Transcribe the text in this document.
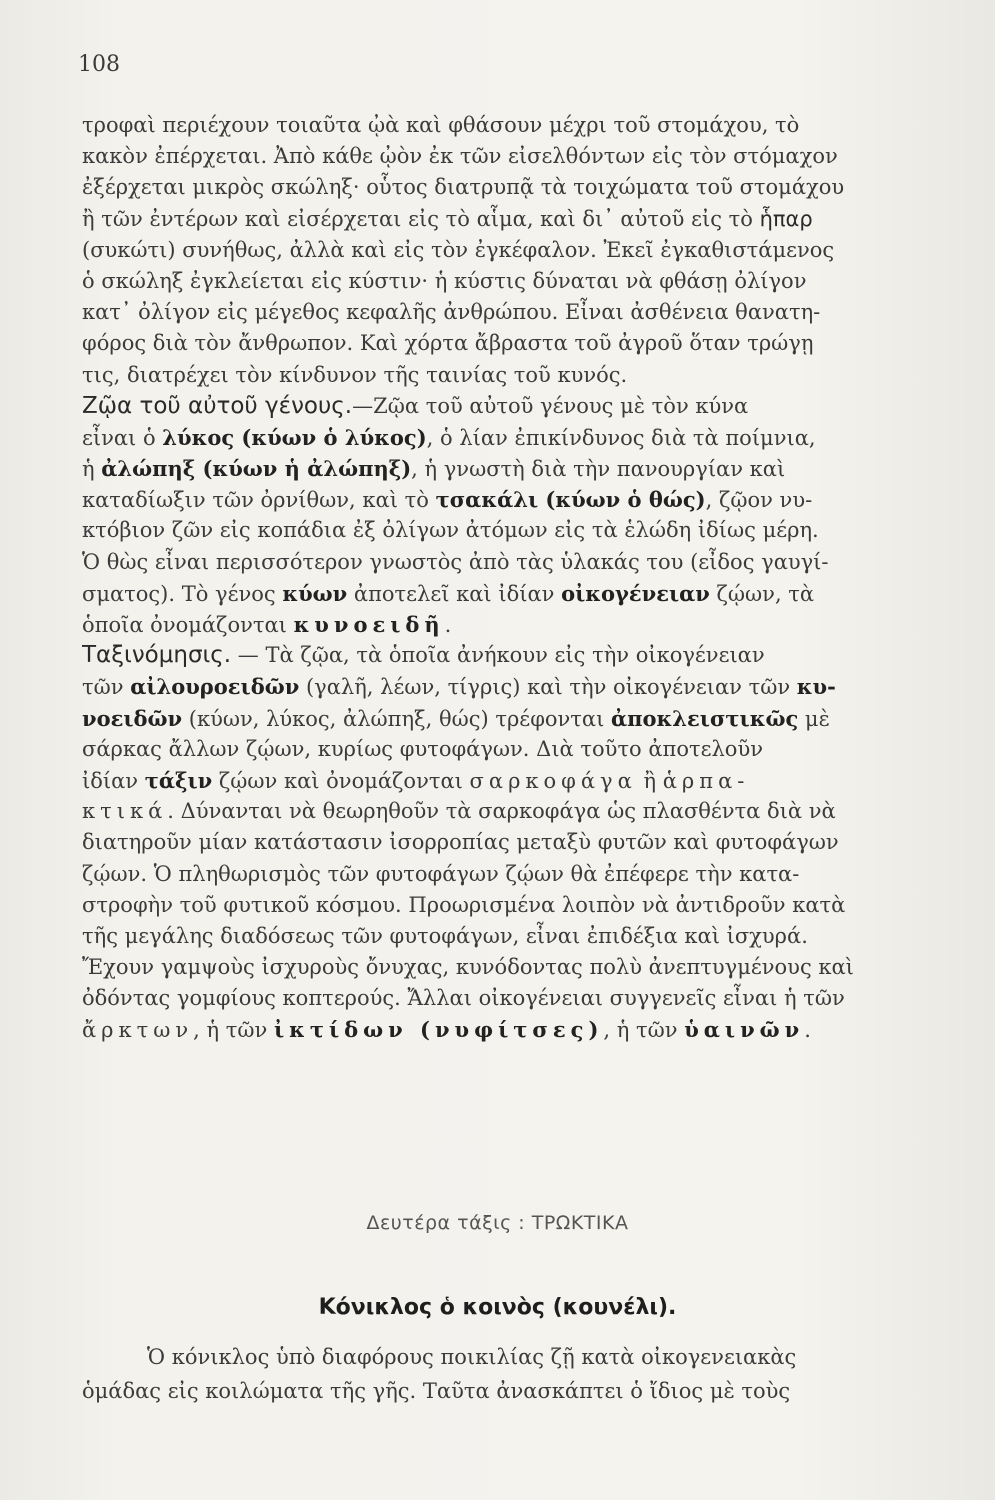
108
τροφαὶ περιέχουν τοιαῦτα ᾠὰ καὶ φθάσουν μέχρι τοῦ στομάχου, τὸ
κακὸν ἐπέρχεται. Ἀπὸ κάθε ᾠὸν ἐκ τῶν εἰσελθόντων εἰς τὸν στόμαχον
ἐξέρχεται μικρὸς σκώληξ· οὗτος διατρυπᾷ τὰ τοιχώματα τοῦ στομάχου
ἢ τῶν ἐντέρων καὶ εἰσέρχεται εἰς τὸ αἷμα, καὶ δι᾽ αὐτοῦ εἰς τὸ ἧπαρ
(συκώτι) συνήθως, ἀλλὰ καὶ εἰς τὸν ἐγκέφαλον. Ἐκεῖ ἐγκαθιστάμενος
ὁ σκώληξ ἐγκλείεται εἰς κύστιν· ἡ κύστις δύναται νὰ φθάσῃ ὀλίγον
κατ᾽ ὀλίγον εἰς μέγεθος κεφαλῆς ἀνθρώπου. Εἶναι ἀσθένεια θανατη-
φόρος διὰ τὸν ἄνθρωπον. Καὶ χόρτα ἄβραστα τοῦ ἀγροῦ ὅταν τρώγῃ
τις, διατρέχει τὸν κίνδυνον τῆς ταινίας τοῦ κυνός.
Ζῷα τοῦ αὐτοῦ γένους.—Ζῷα τοῦ αὐτοῦ γένους μὲ τὸν κύνα
εἶναι ὁ λύκος (κύων ὁ λύκος), ὁ λίαν ἐπικίνδυνος διὰ τὰ ποίμνια,
ἡ ἀλώπηξ (κύων ἡ ἀλώπηξ), ἡ γνωστὴ διὰ τὴν πανουργίαν καὶ
καταδίωξιν τῶν ὀρνίθων, καὶ τὸ τσακάλι (κύων ὁ θώς), ζῷον νυ-
κτόβιον ζῶν εἰς κοπάδια ἐξ ὀλίγων ἀτόμων εἰς τὰ ἑλώδη ἰδίως μέρη.
Ὁ θὼς εἶναι περισσότερον γνωστὸς ἀπὸ τὰς ὑλακάς του (εἶδος γαυγί-
σματος). Τὸ γένος κύων ἀποτελεῖ καὶ ἰδίαν οἰκογένειαν ζῴων, τὰ
ὁποῖα ὀνομάζονται κυνοειδῆ.
Ταξινόμησις. — Τὰ ζῷα, τὰ ὁποῖα ἀνήκουν εἰς τὴν οἰκογένειαν
τῶν αἰλουροειδῶν (γαλῆ, λέων, τίγρις) καὶ τὴν οἰκογένειαν τῶν κυ-
νοειδῶν (κύων, λύκος, ἀλώπηξ, θώς) τρέφονται ἀποκλειστικῶς μὲ
σάρκας ἄλλων ζῴων, κυρίως φυτοφάγων. Διὰ τοῦτο ἀποτελοῦν
ἰδίαν τάξιν ζῴων καὶ ὀνομάζονται σαρκοφάγα ἢ ἁρπα-
κτικά. Δύνανται νὰ θεωρηθοῦν τὰ σαρκοφάγα ὡς πλασθέντα διὰ νὰ
διατηροῦν μίαν κατάστασιν ἰσορροπίας μεταξὺ φυτῶν καὶ φυτοφάγων
ζῴων. Ὁ πληθωρισμὸς τῶν φυτοφάγων ζῴων θὰ ἐπέφερε τὴν κατα-
στροφὴν τοῦ φυτικοῦ κόσμου. Προωρισμένα λοιπὸν νὰ ἀντιδροῦν κατὰ
τῆς μεγάλης διαδόσεως τῶν φυτοφάγων, εἶναι ἐπιδέξια καὶ ἰσχυρά.
Ἔχουν γαμψοὺς ἰσχυροὺς ὄνυχας, κυνόδοντας πολὺ ἀνεπτυγμένους καὶ
ὀδόντας γομφίους κοπτερούς. Ἄλλαι οἰκογένειαι συγγενεῖς εἶναι ἡ τῶν
ἄρκτων, ἡ τῶν ἰκτίδων (νυφίτσες), ἡ τῶν ὑαινῶν.
Δευτέρα τάξις : ΤΡΩΚΤΙΚΑ
Κόνικλος ὁ κοινὸς (κουνέλι).
Ὁ κόνικλος ὑπὸ διαφόρους ποικιλίας ζῇ κατὰ οἰκογενειακὰς
ὁμάδας εἰς κοιλώματα τῆς γῆς. Ταῦτα ἀνασκάπτει ὁ ἴδιος μὲ τοὺς
